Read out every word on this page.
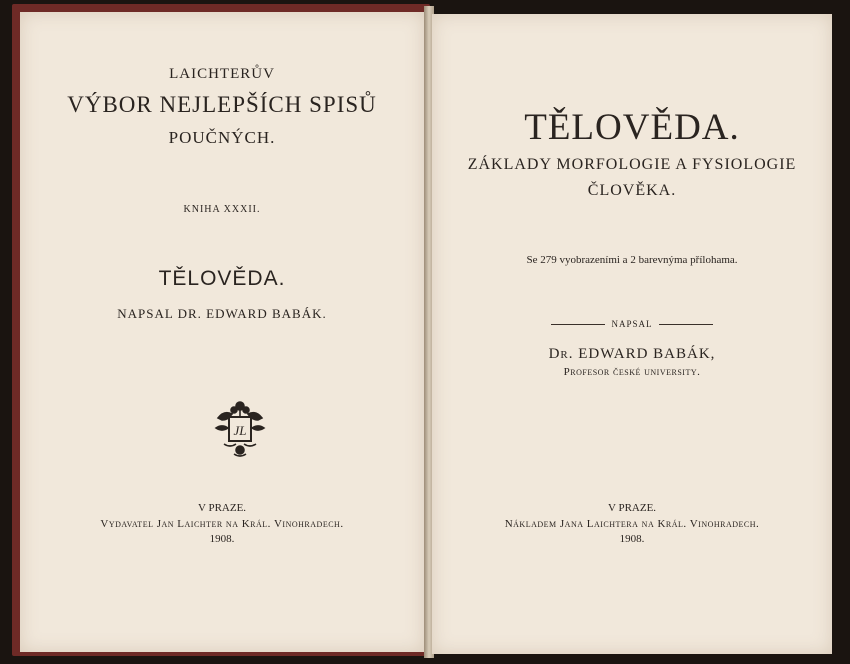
LAICHTERŮV
VÝBOR NEJLEPŠÍCH SPISŮ
POUČNÝCH.
KNIHA XXXII.
TĚLOVĚDA.
NAPSAL DR. EDWARD BABÁK.
JL
V PRAZE.
Vydavatel Jan Laichter na Král. Vinohradech.
1908.
TĚLOVĚDA.
ZÁKLADY MORFOLOGIE A FYSIOLOGIE
ČLOVĚKA.
Se 279 vyobrazeními a 2 barevnýma přílohama.
NAPSAL
Dr. EDWARD BABÁK,
Profesor české university.
V PRAZE.
Nákladem Jana Laichtera na Král. Vinohradech.
1908.
